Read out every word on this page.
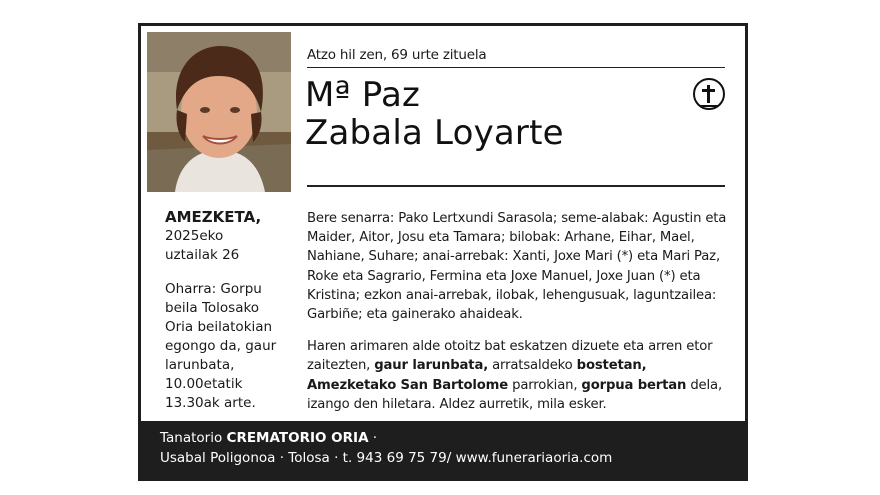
Atzo hil zen, 69 urte zituela
Mª Paz
Zabala Loyarte
AMEZKETA,
2025eko
uztailak 26
Oharra: Gorpu
beila Tolosako
Oria beilatokian
egongo da, gaur
larunbata,
10.00etatik
13.30ak arte.

Bere senarra: Pako Lertxundi Sarasola; seme-alabak: Agustin eta Maider, Aitor, Josu eta Tamara; bilobak: Arhane, Eihar, Mael, Nahiane, Suhare; anai-arrebak: Xanti, Joxe Mari (*) eta Mari Paz, Roke eta Sagrario, Fermina eta Joxe Manuel, Joxe Juan (*) eta Kristina; ezkon anai-arrebak, ilobak, lehengusuak, laguntzailea: Garbiñe; eta gainerako ahaideak.

Haren arimaren alde otoitz bat eskatzen dizuete eta arren etor zaitezten, gaur larunbata, arratsaldeko bostetan, Amezketako San Bartolome parrokian, gorpua bertan dela, izango den hiletara. Aldez aurretik, mila esker.

Tanatorio CREMATORIO ORIA ·
Usabal Poligonoa · Tolosa · t. 943 69 75 79/ www.funerariaoria.com
